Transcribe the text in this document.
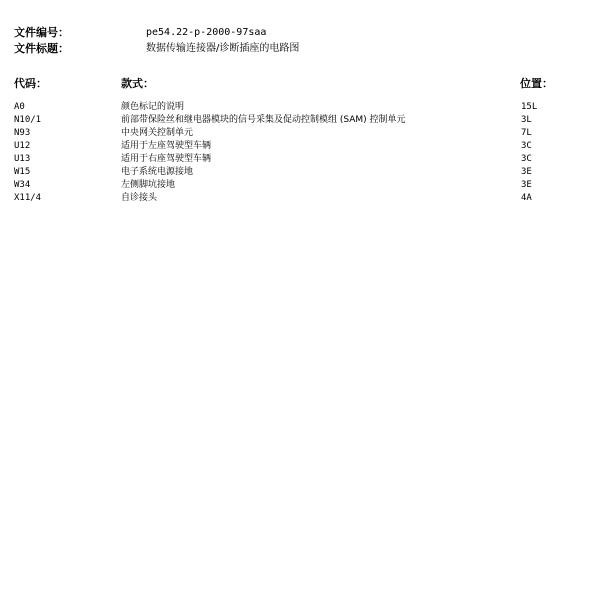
文件编号：	pe54.22-p-2000-97saa
文件标题：	数据传输连接器/诊断插座的电路图
代码：	款式：	位置：
A0	颜色标记的说明	15L
N10/1	前部带保险丝和继电器模块的信号采集及促动控制模组 (SAM) 控制单元	3L
N93	中央网关控制单元	7L
U12	适用于左座驾驶型车辆	3C
U13	适用于右座驾驶型车辆	3C
W15	电子系统电源接地	3E
W34	左侧脚坑接地	3E
X11/4	自诊接头	4A
